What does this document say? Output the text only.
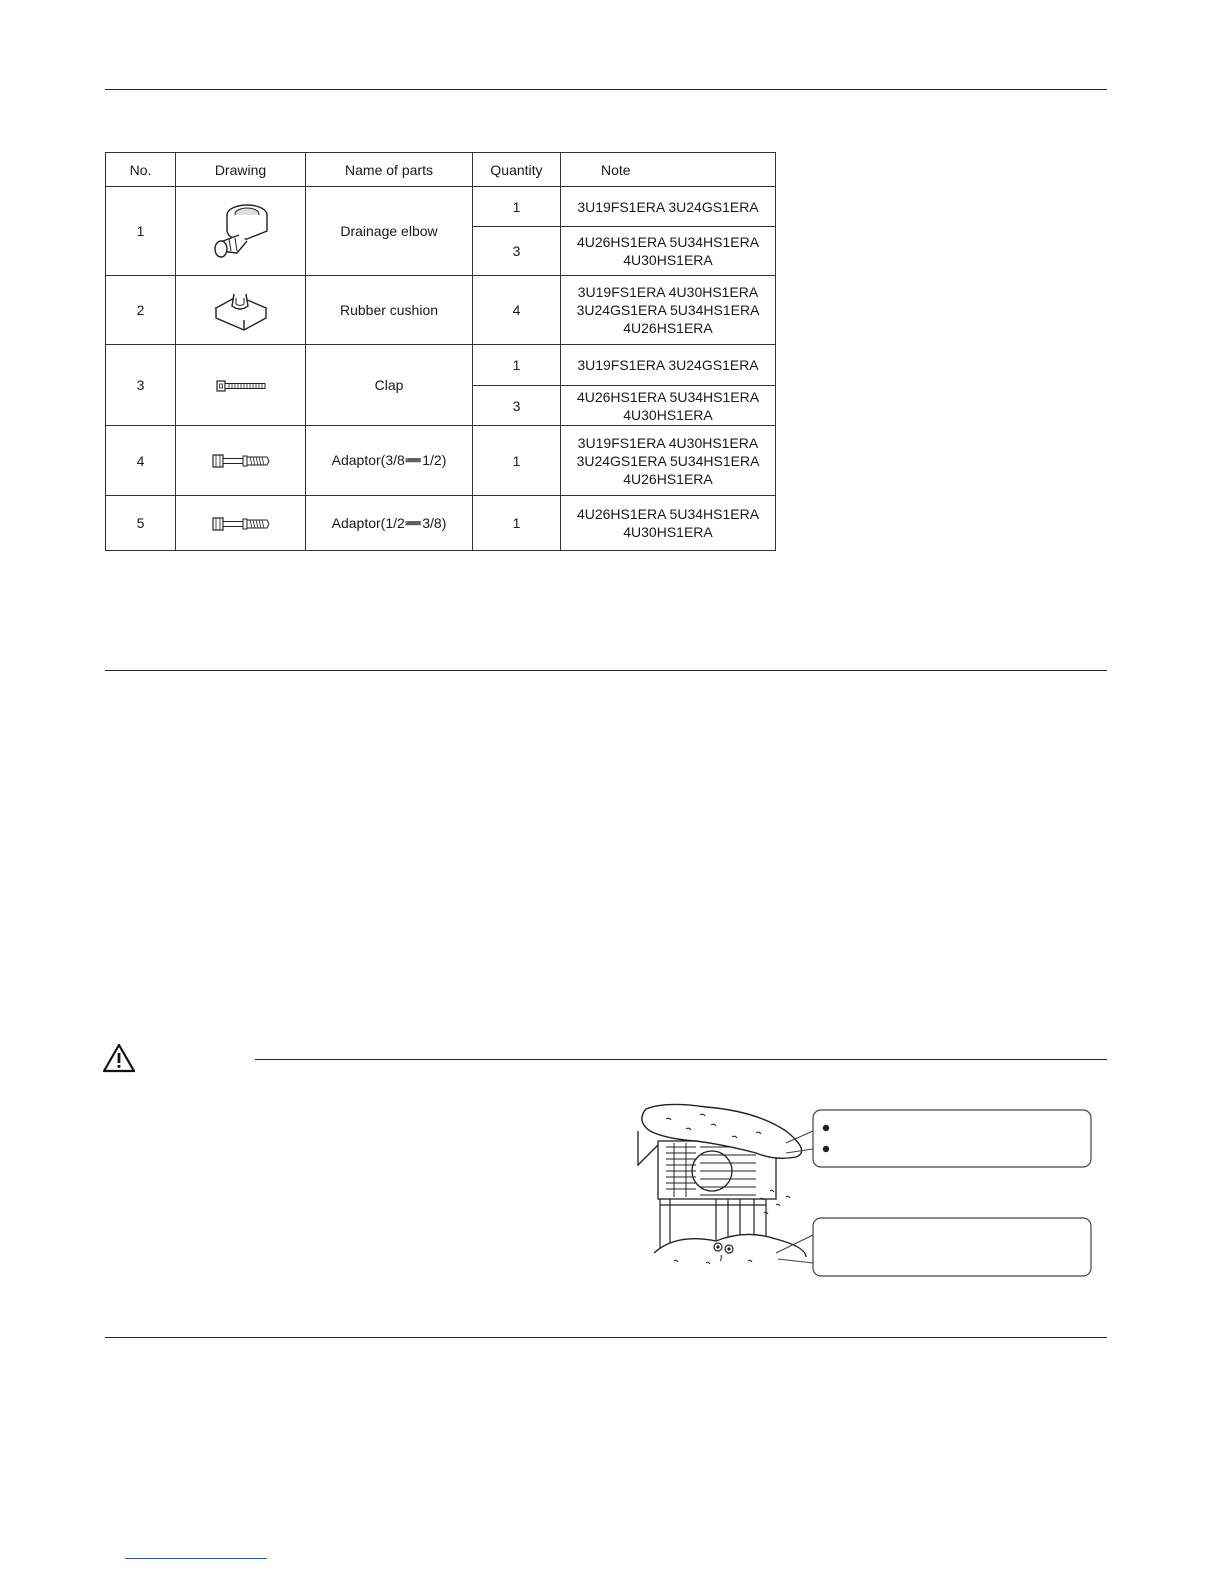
No.	Drawing	Name of parts	Quantity	Note
1		Drainage elbow	1	3U19FS1ERA 3U24GS1ERA

			3	4U26HS1ERA 5U34HS1ERA
4U30HS1ERA

2		Rubber cushion	4	3U19FS1ERA 4U30HS1ERA
3U24GS1ERA 5U34HS1ERA
4U26HS1ERA

3		Clap	1	3U19FS1ERA 3U24GS1ERA

			3	4U26HS1ERA 5U34HS1ERA
4U30HS1ERA

4		Adaptor(3/8➖1/2)	1	3U19FS1ERA 4U30HS1ERA
3U24GS1ERA 5U34HS1ERA
4U26HS1ERA

5		Adaptor(1/2➖3/8)	1	4U26HS1ERA 5U34HS1ERA
4U30HS1ERA
